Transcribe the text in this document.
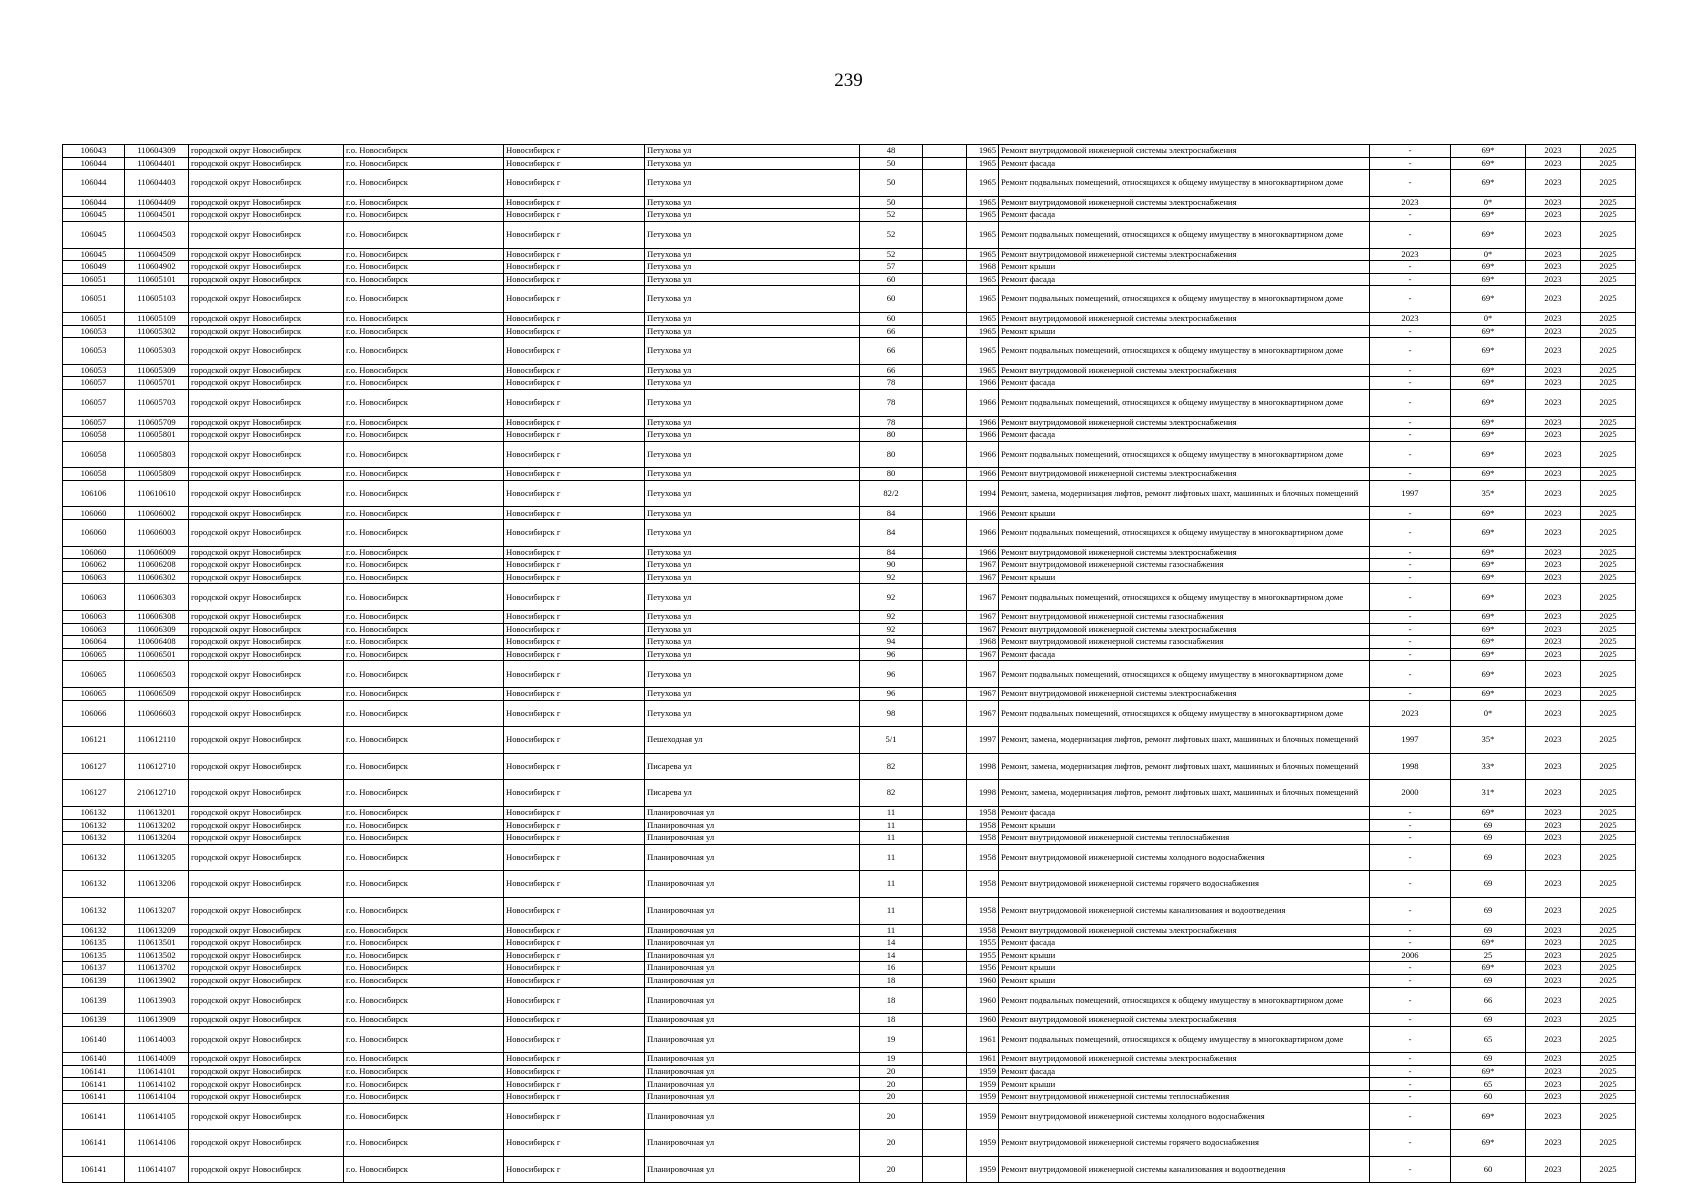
239
106043	110604309	городской округ Новосибирск	г.о. Новосибирск	Новосибирск г	Петухова ул	48		1965	Ремонт внутридомовой инженерной системы электроснабжения	-	69*	2023	2025
106044	110604401	городской округ Новосибирск	г.о. Новосибирск	Новосибирск г	Петухова ул	50		1965	Ремонт фасада	-	69*	2023	2025
106044	110604403	городской округ Новосибирск	г.о. Новосибирск	Новосибирск г	Петухова ул	50		1965	Ремонт подвальных помещений, относящихся к общему имуществу в многоквартирном доме	-	69*	2023	2025
106044	110604409	городской округ Новосибирск	г.о. Новосибирск	Новосибирск г	Петухова ул	50		1965	Ремонт внутридомовой инженерной системы электроснабжения	2023	0*	2023	2025
106045	110604501	городской округ Новосибирск	г.о. Новосибирск	Новосибирск г	Петухова ул	52		1965	Ремонт фасада	-	69*	2023	2025
106045	110604503	городской округ Новосибирск	г.о. Новосибирск	Новосибирск г	Петухова ул	52		1965	Ремонт подвальных помещений, относящихся к общему имуществу в многоквартирном доме	-	69*	2023	2025
106045	110604509	городской округ Новосибирск	г.о. Новосибирск	Новосибирск г	Петухова ул	52		1965	Ремонт внутридомовой инженерной системы электроснабжения	2023	0*	2023	2025
106049	110604902	городской округ Новосибирск	г.о. Новосибирск	Новосибирск г	Петухова ул	57		1968	Ремонт крыши	-	69*	2023	2025
106051	110605101	городской округ Новосибирск	г.о. Новосибирск	Новосибирск г	Петухова ул	60		1965	Ремонт фасада	-	69*	2023	2025
106051	110605103	городской округ Новосибирск	г.о. Новосибирск	Новосибирск г	Петухова ул	60		1965	Ремонт подвальных помещений, относящихся к общему имуществу в многоквартирном доме	-	69*	2023	2025
106051	110605109	городской округ Новосибирск	г.о. Новосибирск	Новосибирск г	Петухова ул	60		1965	Ремонт внутридомовой инженерной системы электроснабжения	2023	0*	2023	2025
106053	110605302	городской округ Новосибирск	г.о. Новосибирск	Новосибирск г	Петухова ул	66		1965	Ремонт крыши	-	69*	2023	2025
106053	110605303	городской округ Новосибирск	г.о. Новосибирск	Новосибирск г	Петухова ул	66		1965	Ремонт подвальных помещений, относящихся к общему имуществу в многоквартирном доме	-	69*	2023	2025
106053	110605309	городской округ Новосибирск	г.о. Новосибирск	Новосибирск г	Петухова ул	66		1965	Ремонт внутридомовой инженерной системы электроснабжения	-	69*	2023	2025
106057	110605701	городской округ Новосибирск	г.о. Новосибирск	Новосибирск г	Петухова ул	78		1966	Ремонт фасада	-	69*	2023	2025
106057	110605703	городской округ Новосибирск	г.о. Новосибирск	Новосибирск г	Петухова ул	78		1966	Ремонт подвальных помещений, относящихся к общему имуществу в многоквартирном доме	-	69*	2023	2025
106057	110605709	городской округ Новосибирск	г.о. Новосибирск	Новосибирск г	Петухова ул	78		1966	Ремонт внутридомовой инженерной системы электроснабжения	-	69*	2023	2025
106058	110605801	городской округ Новосибирск	г.о. Новосибирск	Новосибирск г	Петухова ул	80		1966	Ремонт фасада	-	69*	2023	2025
106058	110605803	городской округ Новосибирск	г.о. Новосибирск	Новосибирск г	Петухова ул	80		1966	Ремонт подвальных помещений, относящихся к общему имуществу в многоквартирном доме	-	69*	2023	2025
106058	110605809	городской округ Новосибирск	г.о. Новосибирск	Новосибирск г	Петухова ул	80		1966	Ремонт внутридомовой инженерной системы электроснабжения	-	69*	2023	2025
106106	110610610	городской округ Новосибирск	г.о. Новосибирск	Новосибирск г	Петухова ул	82/2		1994	Ремонт, замена, модернизация лифтов, ремонт лифтовых шахт, машинных и блочных помещений	1997	35*	2023	2025
106060	110606002	городской округ Новосибирск	г.о. Новосибирск	Новосибирск г	Петухова ул	84		1966	Ремонт крыши	-	69*	2023	2025
106060	110606003	городской округ Новосибирск	г.о. Новосибирск	Новосибирск г	Петухова ул	84		1966	Ремонт подвальных помещений, относящихся к общему имуществу в многоквартирном доме	-	69*	2023	2025
106060	110606009	городской округ Новосибирск	г.о. Новосибирск	Новосибирск г	Петухова ул	84		1966	Ремонт внутридомовой инженерной системы электроснабжения	-	69*	2023	2025
106062	110606208	городской округ Новосибирск	г.о. Новосибирск	Новосибирск г	Петухова ул	90		1967	Ремонт внутридомовой инженерной системы газоснабжения	-	69*	2023	2025
106063	110606302	городской округ Новосибирск	г.о. Новосибирск	Новосибирск г	Петухова ул	92		1967	Ремонт крыши	-	69*	2023	2025
106063	110606303	городской округ Новосибирск	г.о. Новосибирск	Новосибирск г	Петухова ул	92		1967	Ремонт подвальных помещений, относящихся к общему имуществу в многоквартирном доме	-	69*	2023	2025
106063	110606308	городской округ Новосибирск	г.о. Новосибирск	Новосибирск г	Петухова ул	92		1967	Ремонт внутридомовой инженерной системы газоснабжения	-	69*	2023	2025
106063	110606309	городской округ Новосибирск	г.о. Новосибирск	Новосибирск г	Петухова ул	92		1967	Ремонт внутридомовой инженерной системы электроснабжения	-	69*	2023	2025
106064	110606408	городской округ Новосибирск	г.о. Новосибирск	Новосибирск г	Петухова ул	94		1968	Ремонт внутридомовой инженерной системы газоснабжения	-	69*	2023	2025
106065	110606501	городской округ Новосибирск	г.о. Новосибирск	Новосибирск г	Петухова ул	96		1967	Ремонт фасада	-	69*	2023	2025
106065	110606503	городской округ Новосибирск	г.о. Новосибирск	Новосибирск г	Петухова ул	96		1967	Ремонт подвальных помещений, относящихся к общему имуществу в многоквартирном доме	-	69*	2023	2025
106065	110606509	городской округ Новосибирск	г.о. Новосибирск	Новосибирск г	Петухова ул	96		1967	Ремонт внутридомовой инженерной системы электроснабжения	-	69*	2023	2025
106066	110606603	городской округ Новосибирск	г.о. Новосибирск	Новосибирск г	Петухова ул	98		1967	Ремонт подвальных помещений, относящихся к общему имуществу в многоквартирном доме	2023	0*	2023	2025
106121	110612110	городской округ Новосибирск	г.о. Новосибирск	Новосибирск г	Пешеходная ул	5/1		1997	Ремонт, замена, модернизация лифтов, ремонт лифтовых шахт, машинных и блочных помещений	1997	35*	2023	2025
106127	110612710	городской округ Новосибирск	г.о. Новосибирск	Новосибирск г	Писарева ул	82		1998	Ремонт, замена, модернизация лифтов, ремонт лифтовых шахт, машинных и блочных помещений	1998	33*	2023	2025
106127	210612710	городской округ Новосибирск	г.о. Новосибирск	Новосибирск г	Писарева ул	82		1998	Ремонт, замена, модернизация лифтов, ремонт лифтовых шахт, машинных и блочных помещений	2000	31*	2023	2025
106132	110613201	городской округ Новосибирск	г.о. Новосибирск	Новосибирск г	Планировочная ул	11		1958	Ремонт фасада	-	69*	2023	2025
106132	110613202	городской округ Новосибирск	г.о. Новосибирск	Новосибирск г	Планировочная ул	11		1958	Ремонт крыши	-	69	2023	2025
106132	110613204	городской округ Новосибирск	г.о. Новосибирск	Новосибирск г	Планировочная ул	11		1958	Ремонт внутридомовой инженерной системы теплоснабжения	-	69	2023	2025
106132	110613205	городской округ Новосибирск	г.о. Новосибирск	Новосибирск г	Планировочная ул	11		1958	Ремонт внутридомовой инженерной системы холодного водоснабжения	-	69	2023	2025
106132	110613206	городской округ Новосибирск	г.о. Новосибирск	Новосибирск г	Планировочная ул	11		1958	Ремонт внутридомовой инженерной системы горячего водоснабжения	-	69	2023	2025
106132	110613207	городской округ Новосибирск	г.о. Новосибирск	Новосибирск г	Планировочная ул	11		1958	Ремонт внутридомовой инженерной системы канализования и водоотведения	-	69	2023	2025
106132	110613209	городской округ Новосибирск	г.о. Новосибирск	Новосибирск г	Планировочная ул	11		1958	Ремонт внутридомовой инженерной системы электроснабжения	-	69	2023	2025
106135	110613501	городской округ Новосибирск	г.о. Новосибирск	Новосибирск г	Планировочная ул	14		1955	Ремонт фасада	-	69*	2023	2025
106135	110613502	городской округ Новосибирск	г.о. Новосибирск	Новосибирск г	Планировочная ул	14		1955	Ремонт крыши	2006	25	2023	2025
106137	110613702	городской округ Новосибирск	г.о. Новосибирск	Новосибирск г	Планировочная ул	16		1956	Ремонт крыши	-	69*	2023	2025
106139	110613902	городской округ Новосибирск	г.о. Новосибирск	Новосибирск г	Планировочная ул	18		1960	Ремонт крыши	-	69	2023	2025
106139	110613903	городской округ Новосибирск	г.о. Новосибирск	Новосибирск г	Планировочная ул	18		1960	Ремонт подвальных помещений, относящихся к общему имуществу в многоквартирном доме	-	66	2023	2025
106139	110613909	городской округ Новосибирск	г.о. Новосибирск	Новосибирск г	Планировочная ул	18		1960	Ремонт внутридомовой инженерной системы электроснабжения	-	69	2023	2025
106140	110614003	городской округ Новосибирск	г.о. Новосибирск	Новосибирск г	Планировочная ул	19		1961	Ремонт подвальных помещений, относящихся к общему имуществу в многоквартирном доме	-	65	2023	2025
106140	110614009	городской округ Новосибирск	г.о. Новосибирск	Новосибирск г	Планировочная ул	19		1961	Ремонт внутридомовой инженерной системы электроснабжения	-	69	2023	2025
106141	110614101	городской округ Новосибирск	г.о. Новосибирск	Новосибирск г	Планировочная ул	20		1959	Ремонт фасада	-	69*	2023	2025
106141	110614102	городской округ Новосибирск	г.о. Новосибирск	Новосибирск г	Планировочная ул	20		1959	Ремонт крыши	-	65	2023	2025
106141	110614104	городской округ Новосибирск	г.о. Новосибирск	Новосибирск г	Планировочная ул	20		1959	Ремонт внутридомовой инженерной системы теплоснабжения	-	60	2023	2025
106141	110614105	городской округ Новосибирск	г.о. Новосибирск	Новосибирск г	Планировочная ул	20		1959	Ремонт внутридомовой инженерной системы холодного водоснабжения	-	69*	2023	2025
106141	110614106	городской округ Новосибирск	г.о. Новосибирск	Новосибирск г	Планировочная ул	20		1959	Ремонт внутридомовой инженерной системы горячего водоснабжения	-	69*	2023	2025
106141	110614107	городской округ Новосибирск	г.о. Новосибирск	Новосибирск г	Планировочная ул	20		1959	Ремонт внутридомовой инженерной системы канализования и водоотведения	-	60	2023	2025
